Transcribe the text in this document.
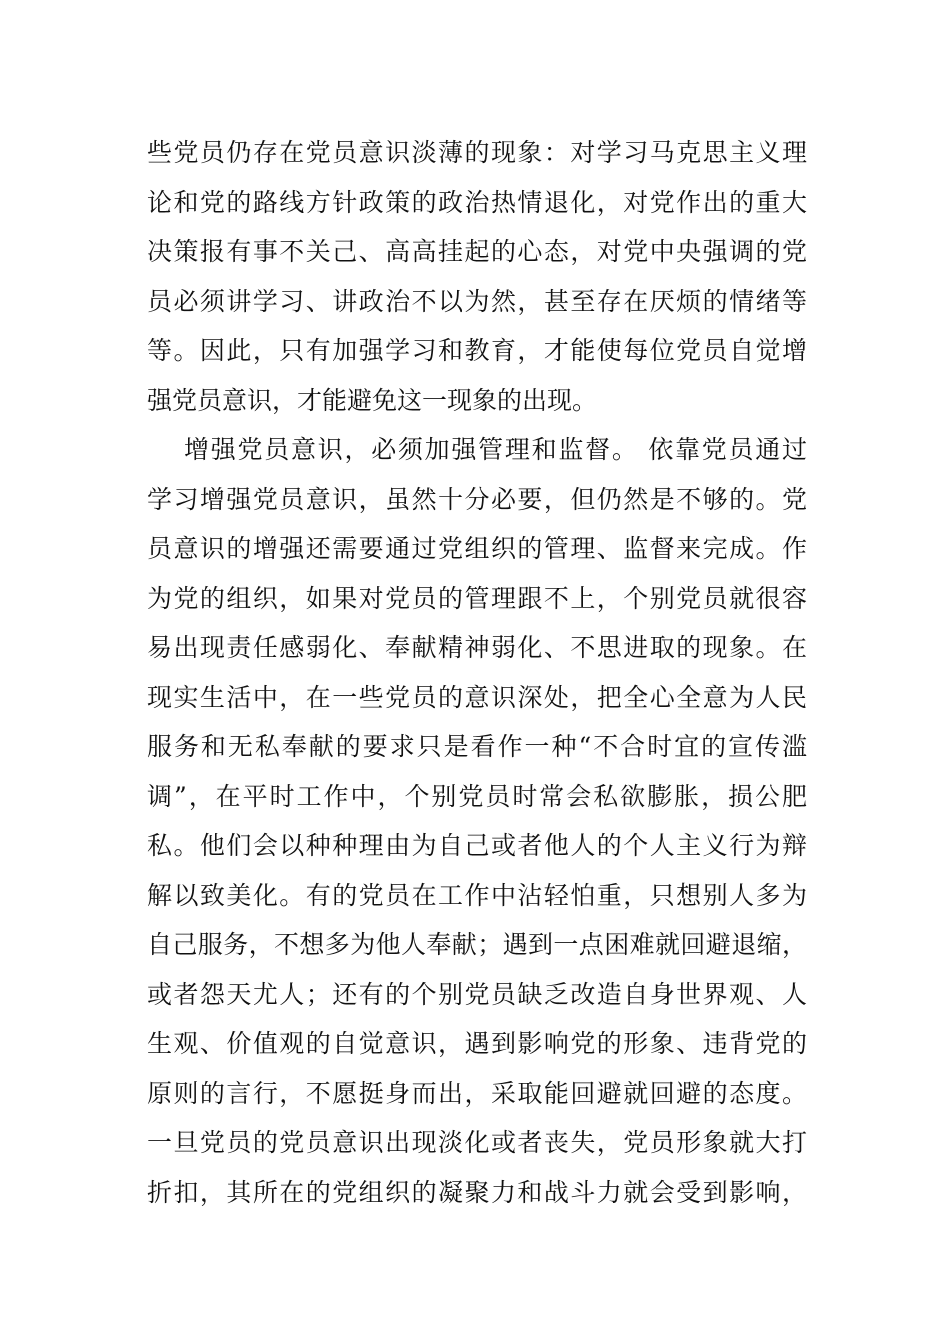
些党员仍存在党员意识淡薄的现象：对学习马克思主义理
论和党的路线方针政策的政治热情退化，对党作出的重大
决策报有事不关己、高高挂起的心态，对党中央强调的党
员必须讲学习、讲政治不以为然，甚至存在厌烦的情绪等
等。因此，只有加强学习和教育，才能使每位党员自觉增
强党员意识，才能避免这一现象的出现。
增强党员意识，必须加强管理和监督。 依靠党员通过
学习增强党员意识，虽然十分必要，但仍然是不够的。党
员意识的增强还需要通过党组织的管理、监督来完成。作
为党的组织，如果对党员的管理跟不上，个别党员就很容
易出现责任感弱化、奉献精神弱化、不思进取的现象。在
现实生活中，在一些党员的意识深处，把全心全意为人民
服务和无私奉献的要求只是看作一种“不合时宜的宣传滥
调”，在平时工作中，个别党员时常会私欲膨胀，损公肥
私。他们会以种种理由为自己或者他人的个人主义行为辩
解以致美化。有的党员在工作中沾轻怕重，只想别人多为
自己服务，不想多为他人奉献；遇到一点困难就回避退缩，
或者怨天尤人；还有的个别党员缺乏改造自身世界观、人
生观、价值观的自觉意识，遇到影响党的形象、违背党的
原则的言行，不愿挺身而出，采取能回避就回避的态度。
一旦党员的党员意识出现淡化或者丧失，党员形象就大打
折扣，其所在的党组织的凝聚力和战斗力就会受到影响，
